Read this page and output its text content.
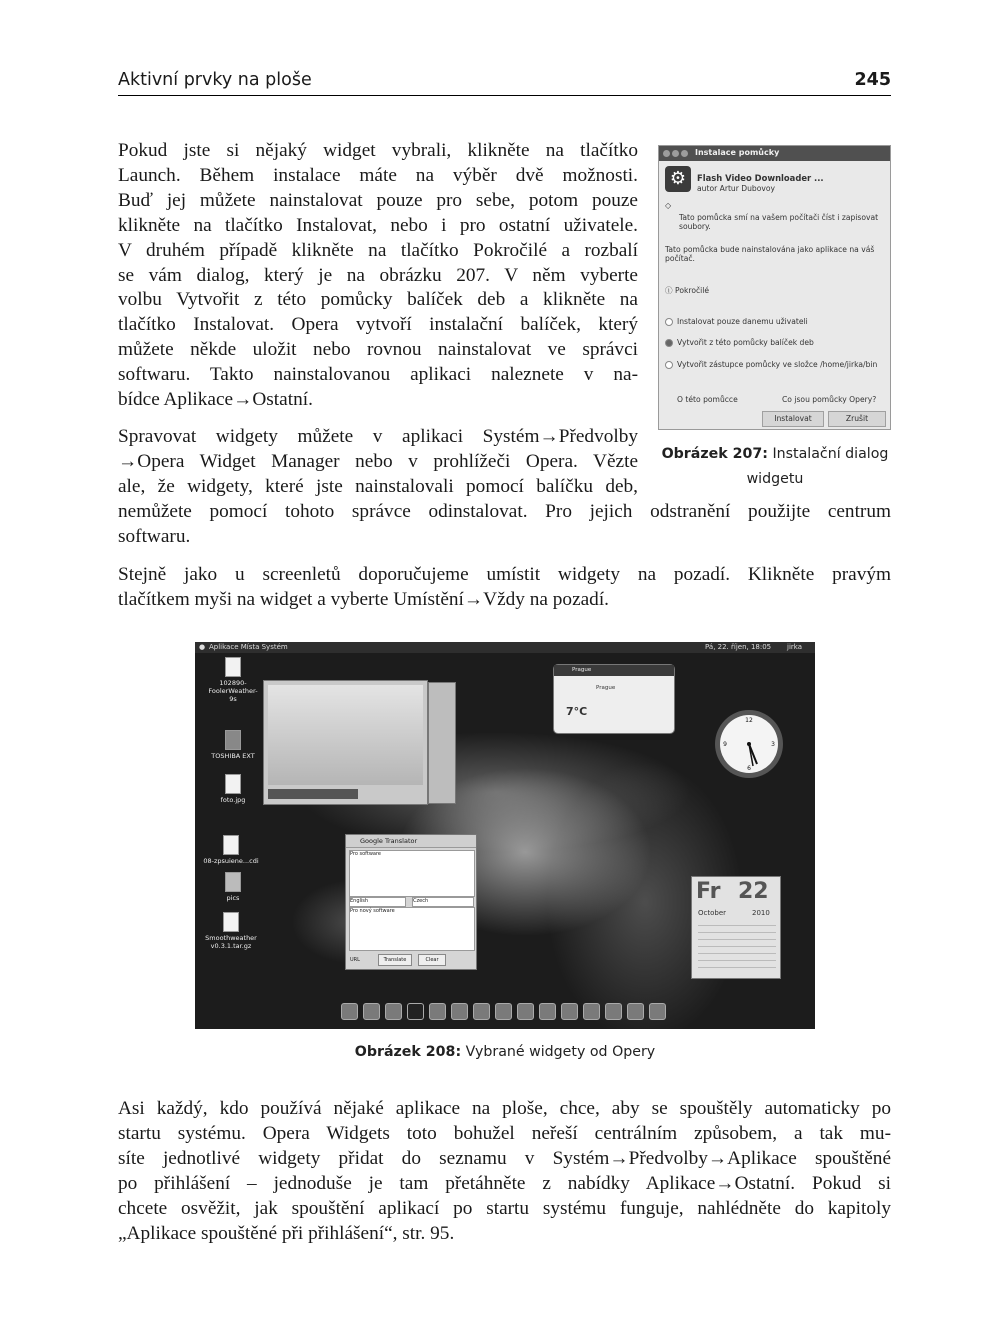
Aktivní prvky na ploše	245
Pokud jste si nějaký widget vybrali, klikněte na tlačítko
Launch. Během instalace máte na výběr dvě možnosti.
Buď jej můžete nainstalovat pouze pro sebe, potom pouze
klikněte na tlačítko Instalovat, nebo i pro ostatní uživatele.
V druhém případě klikněte na tlačítko Pokročilé a rozbalí
se vám dialog, který je na obrázku 207. V něm vyberte
volbu Vytvořit z této pomůcky balíček deb a klikněte na
tlačítko Instalovat. Opera vytvoří instalační balíček, který
můžete někde uložit nebo rovnou nainstalovat ve správci
softwaru. Takto nainstalovanou aplikaci naleznete v na-
bídce Aplikace→Ostatní.
Instalace pomůcky
⚙	Flash Video Downloader ...
autor Artur Dubovoy
◇
Tato pomůcka smí na vašem počítači číst i zapisovat
soubory.
Tato pomůcka bude nainstalována jako aplikace na váš
počítač.
ⓘ Pokročilé
Instalovat pouze danemu uživateli
Vytvořit z této pomůcky balíček deb
Vytvořit zástupce pomůcky ve složce /home/jirka/bin
O této pomůcce	Co jsou pomůcky Opery?
Instalovat	Zrušit
Obrázek 207: Instalační dialog
widgetu
Spravovat widgety můžete v aplikaci Systém→Předvolby
→Opera Widget Manager nebo v prohlížeči Opera. Vězte
ale, že widgety, které jste nainstalovali pomocí balíčku deb,
nemůžete pomocí tohoto správce odinstalovat. Pro jejich odstranění použijte centrum
softwaru.
Stejně jako u screenletů doporučujeme umístit widgety na pozadí. Klikněte pravým
tlačítkem myši na widget a vyberte Umístění→Vždy na pozadí.
● Aplikace Místa Systém	Pá, 22. říjen, 18:05 jirka
102890-FoolerWeather-9s
TOSHIBA EXT
foto.jpg
08-zpsuiene...cdi
pics
Smoothweather v0.3.1.tar.gz
Prague
7°C
Prague
12
3
6
9
Google Translator
Pro software
English	Czech
Pro nový software
URL	Translate	Clear
Fr 22
October	2010
Obrázek 208: Vybrané widgety od Opery
Asi každý, kdo používá nějaké aplikace na ploše, chce, aby se spouštěly automaticky po
startu systému. Opera Widgets toto bohužel neřeší centrálním způsobem, a tak mu-
síte jednotlivé widgety přidat do seznamu v Systém→Předvolby→Aplikace spouštěné
po přihlášení – jednoduše je tam přetáhněte z nabídky Aplikace→Ostatní. Pokud si
chcete osvěžit, jak spouštění aplikací po startu systému funguje, nahlédněte do kapitoly
„Aplikace spouštěné při přihlášení“, str. 95.
